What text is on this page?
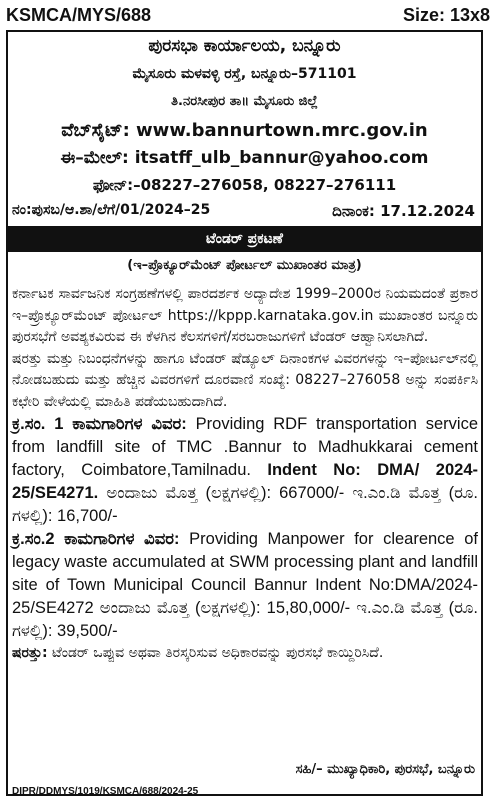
KSMCA/MYS/688	Size: 13x8
ಪುರಸಭಾ ಕಾರ್ಯಾಲಯ, ಬನ್ನೂರು
ಮೈಸೂರು ಮಳವಳ್ಳಿ ರಸ್ತೆ, ಬನ್ನೂರು–571101
ತಿ.ನರಸೀಪುರ ತಾ॥ ಮೈಸೂರು ಜಿಲ್ಲೆ
ವೆಬ್‌ಸೈಟ್: www.bannurtown.mrc.gov.in
ಈ–ಮೇಲ್: itsatff_ulb_bannur@yahoo.com
ಫೋನ್:–08227–276058, 08227–276111
ನಂ:ಪುಸಬ/ಆ.ಶಾ/ಲೆಗೆ/01/2024–25	ದಿನಾಂಕ: 17.12.2024
ಟೆಂಡರ್ ಪ್ರಕಟಣೆ
(ಇ–ಪ್ರೊಕ್ಯೂರ್‌ಮೆಂಟ್ ಪೋರ್ಟಲ್ ಮುಖಾಂತರ ಮಾತ್ರ)

ಕರ್ನಾಟಕ ಸಾರ್ವಜನಿಕ ಸಂಗ್ರಹಣೆಗಳಲ್ಲಿ ಪಾರದರ್ಶಕ ಅದ್ಯಾದೇಶ 1999–2000ರ ನಿಯಮದಂತೆ ಪ್ರಕಾರ ಇ–ಪ್ರೊಕ್ಯೂರ್‌ಮೆಂಟ್ ಪೋರ್ಟಲ್ https://kppp.karnataka.gov.in ಮುಖಾಂತರ ಬನ್ನೂರು ಪುರಸಭೆಗೆ ಅವಶ್ಯಕವಿರುವ ಈ ಕೆಳಗಿನ ಕೆಲಸಗಳಿಗೆ/ಸರಬರಾಜುಗಳಿಗೆ ಟೆಂಡರ್ ಆಹ್ವಾನಿಸಲಾಗಿದೆ.

ಷರತ್ತು ಮತ್ತು ನಿಬಂಧನೆಗಳನ್ನು ಹಾಗೂ ಟೆಂಡರ್ ಷೆಡ್ಯೂಲ್ ದಿನಾಂಕಗಳ ವಿವರಗಳನ್ನು ಇ–ಪೋರ್ಟಲ್‌ನಲ್ಲಿ ನೋಡಬಹುದು ಮತ್ತು ಹೆಚ್ಚಿನ ವಿವರಗಳಿಗೆ ದೂರವಾಣಿ ಸಂಖ್ಯೆ: 08227–276058 ಅನ್ನು ಸಂಪರ್ಕಿಸಿ ಕಛೇರಿ ವೇಳೆಯಲ್ಲಿ ಮಾಹಿತಿ ಪಡೆಯಬಹುದಾಗಿದೆ.

ಕ್ರ.ಸಂ. 1 ಕಾಮಗಾರಿಗಳ ವಿವರ: Providing RDF transportation service from landfill site of TMC .Bannur to Madhukkarai cement factory, Coimbatore,Tamilnadu. Indent No: DMA/ 2024-25/SE4271. ಅಂದಾಜು ಮೊತ್ತ (ಲಕ್ಷಗಳಲ್ಲಿ): 667000/- ಇ.ಎಂ.ಡಿ ಮೊತ್ತ (ರೂ. ಗಳಲ್ಲಿ): 16,700/-

ಕ್ರ.ಸಂ.2 ಕಾಮಗಾರಿಗಳ ವಿವರ: Providing Manpower for clearence of legacy waste accumulated at SWM processing plant and landfill site of Town Municipal Council Bannur Indent No:DMA/2024-25/SE4272 ಅಂದಾಜು ಮೊತ್ತ (ಲಕ್ಷಗಳಲ್ಲಿ): 15,80,000/- ಇ.ಎಂ.ಡಿ ಮೊತ್ತ (ರೂ. ಗಳಲ್ಲಿ): 39,500/-

ಷರತ್ತು: ಟೆಂಡರ್ ಒಪ್ಪುವ ಅಥವಾ ತಿರಸ್ಕರಿಸುವ ಅಧಿಕಾರವನ್ನು ಪುರಸಭೆ ಕಾಯ್ದಿರಿಸಿದೆ.

ಸಹಿ/– ಮುಖ್ಯಾಧಿಕಾರಿ, ಪುರಸಭೆ, ಬನ್ನೂರು
DIPR/DDMYS/1019/KSMCA/688/2024-25
